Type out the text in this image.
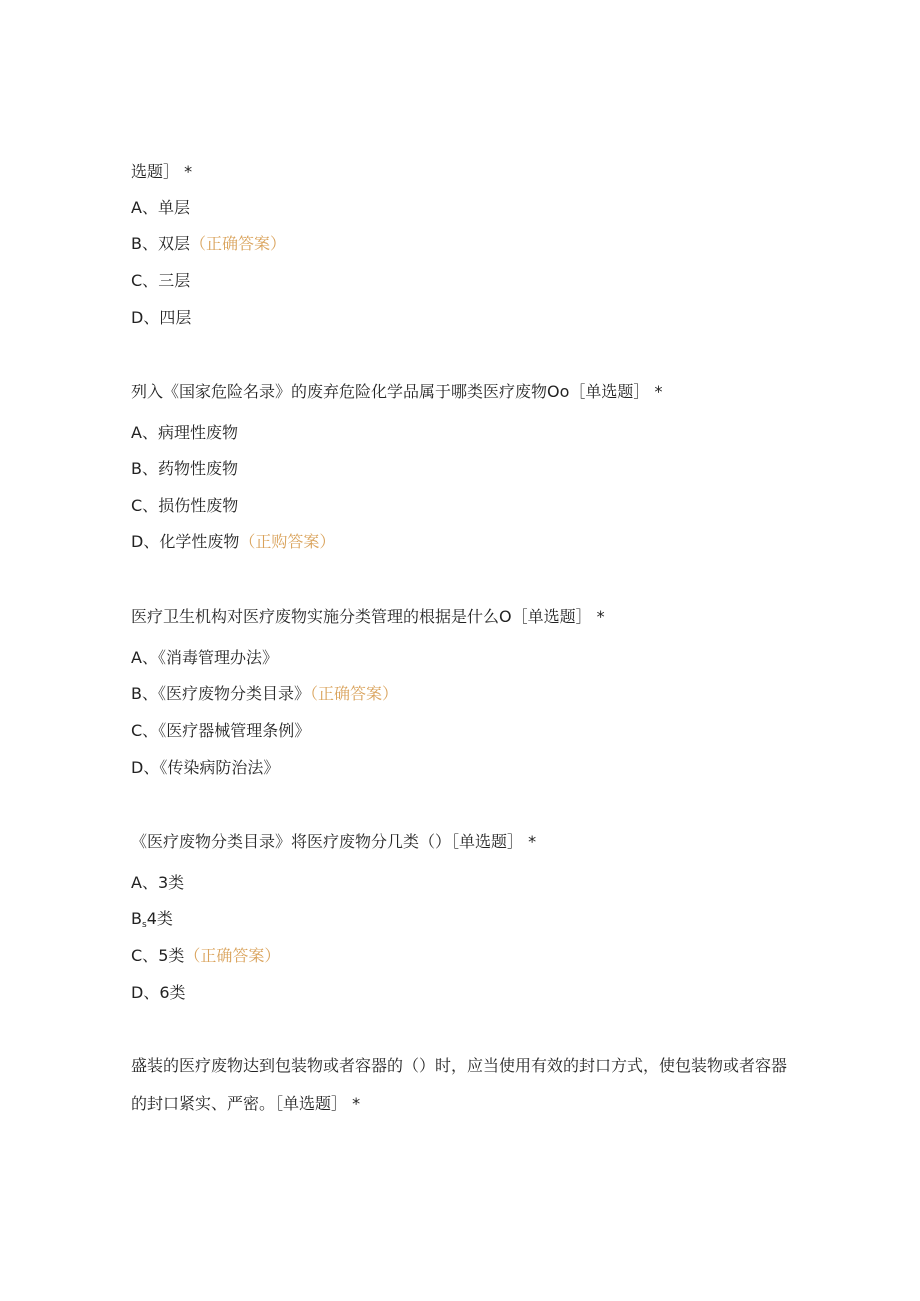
选题］ *
A、单层
B、双层（正确答案）
C、三层
D、四层
列入《国家危险名录》的废弃危险化学品属于哪类医疗废物Oo［单选题］ *
A、病理性废物
B、药物性废物
C、损伤性废物
D、化学性废物（正购答案）
医疗卫生机构对医疗废物实施分类管理的根据是什么O［单选题］ *
A、《消毒管理办法》
B、《医疗废物分类目录》（正确答案）
C、《医疗器械管理条例》
D、《传染病防治法》
《医疗废物分类目录》将医疗废物分几类（）［单选题］ *
A、3类
$B_s4$类
C、5类（正确答案）
D、6类
盛装的医疗废物达到包装物或者容器的（）时，应当使用有效的封口方式，使包装物或者容器的封口紧实、严密。［单选题］ *
